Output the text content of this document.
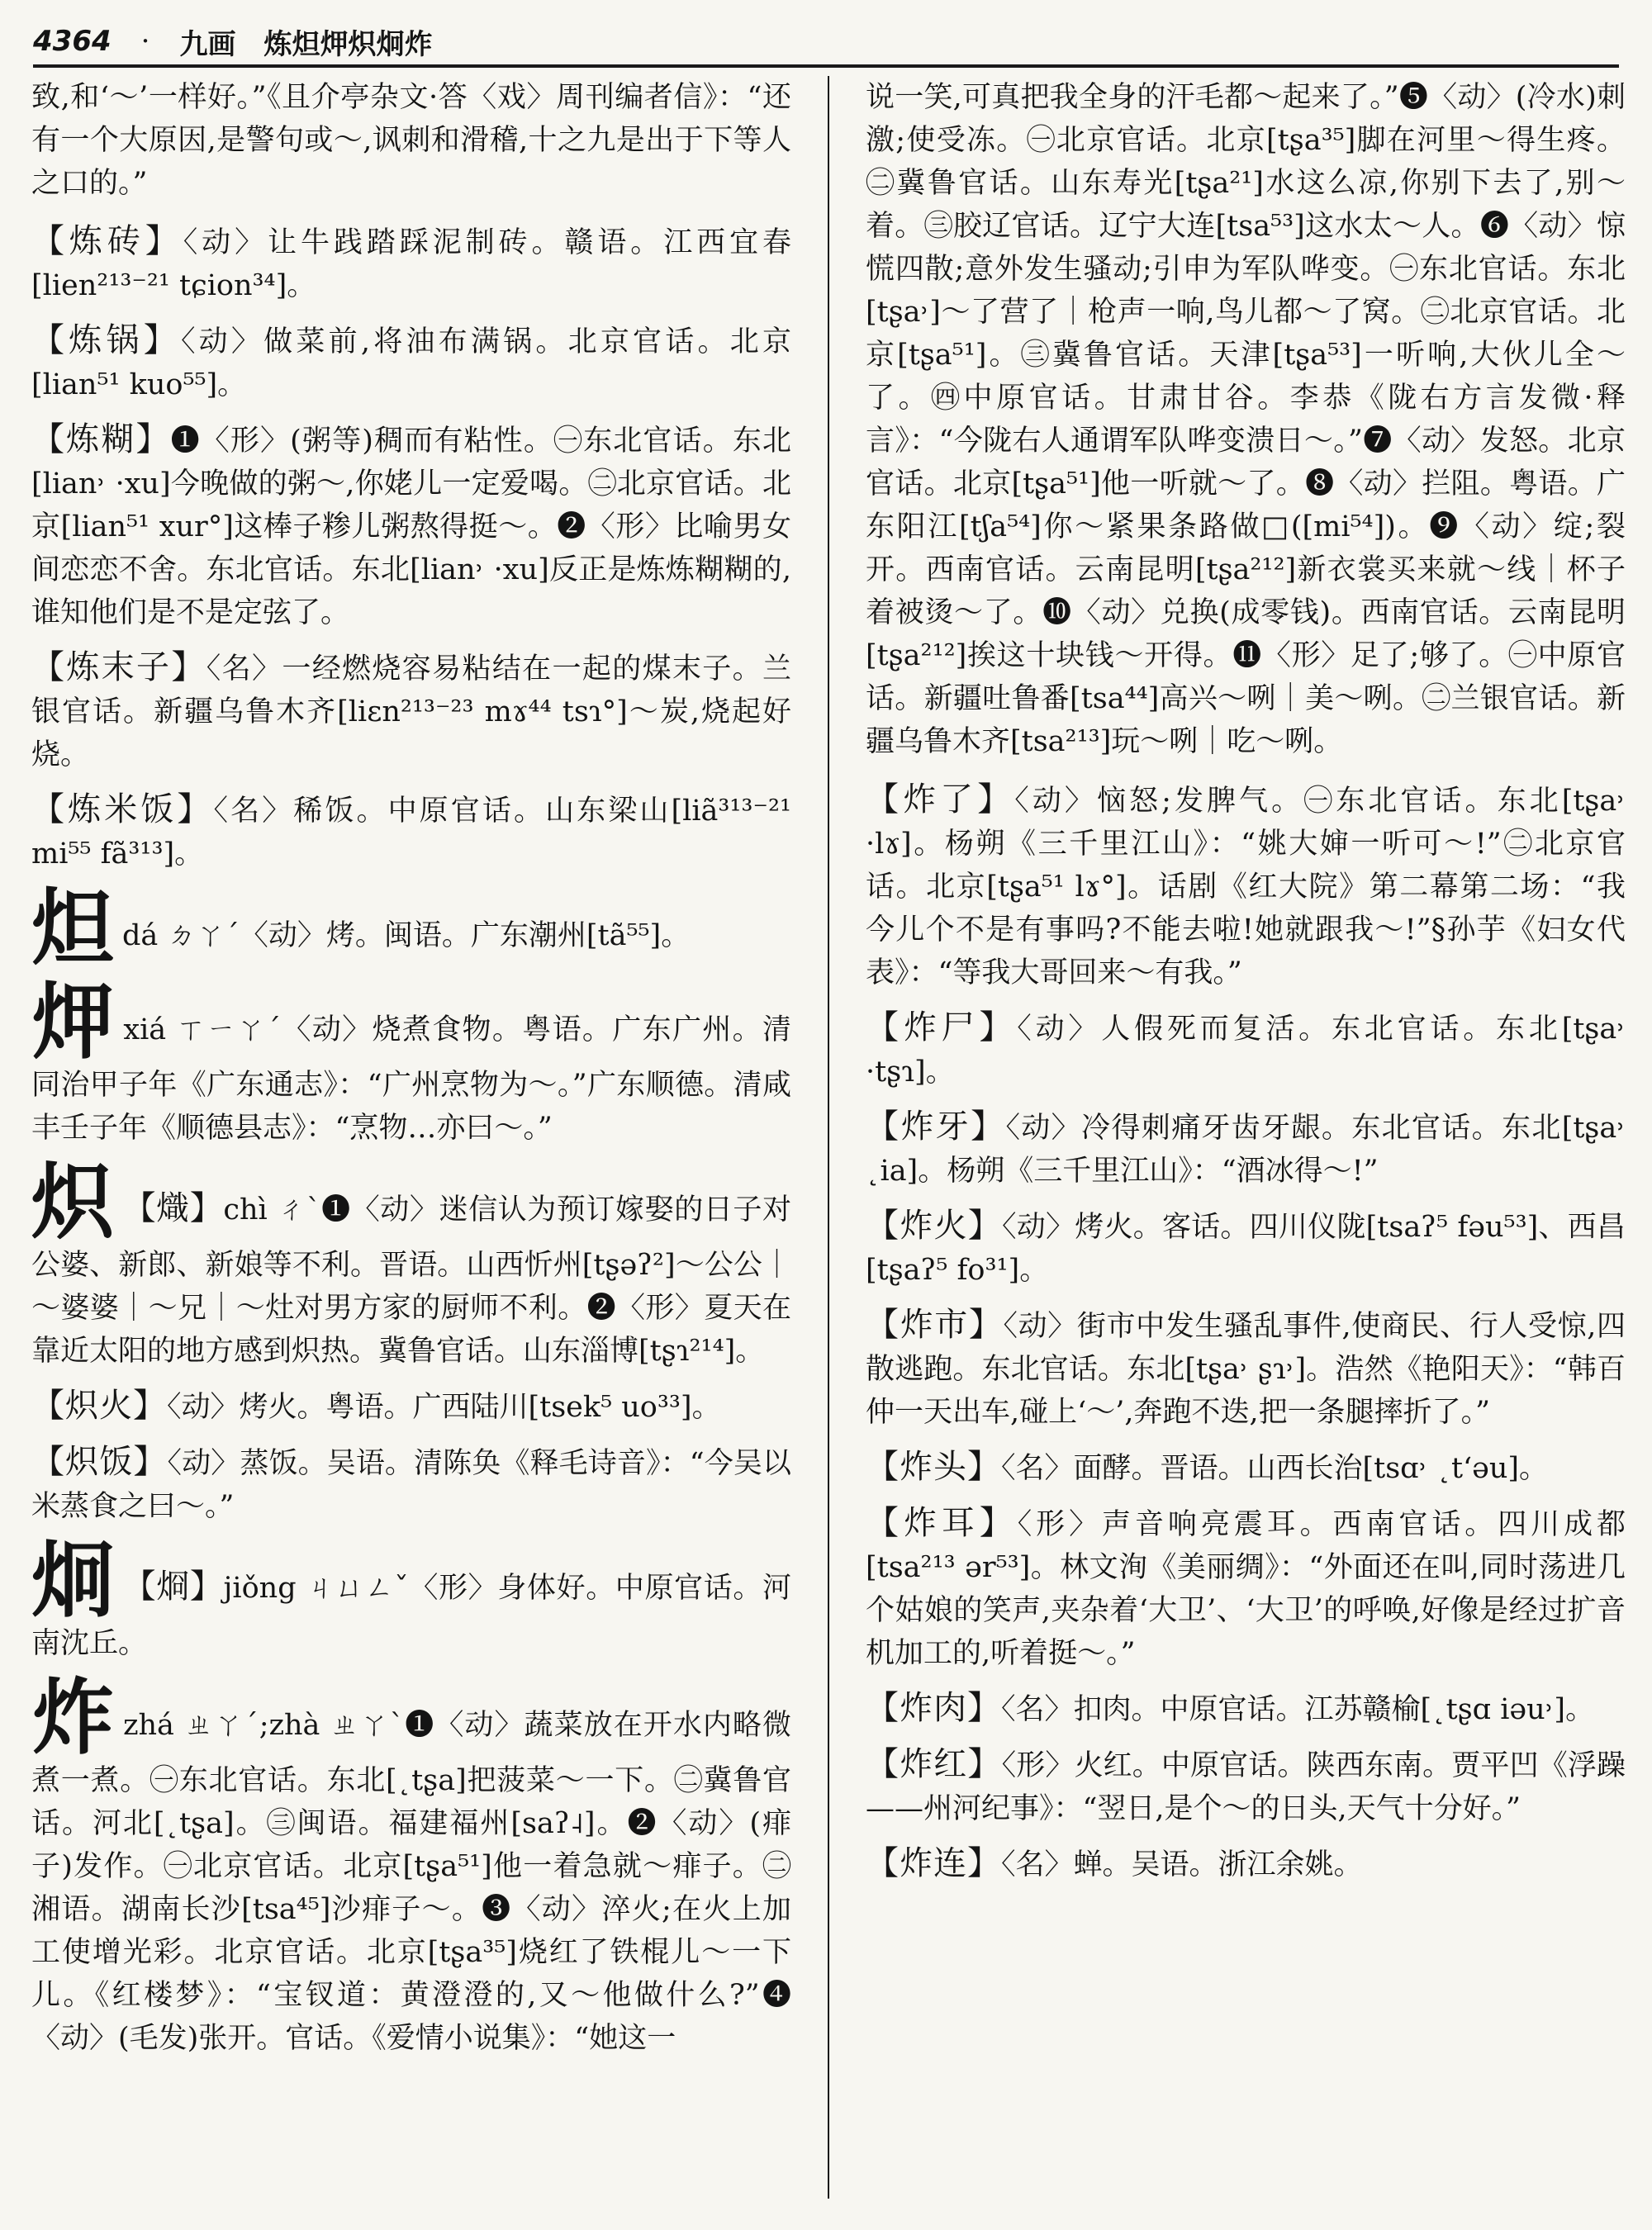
4364 · 九画　炼炟炠炽炯炸

致,和‘～’一样好。”《且介亭杂文·答〈戏〉周刊编者信》：“还有一个大原因,是警句或～,讽刺和滑稽,十之九是出于下等人之口的。”

【炼砖】〈动〉让牛践踏踩泥制砖。赣语。江西宜春[lien²¹³⁻²¹ tɕion³⁴]。

【炼锅】〈动〉做菜前,将油布满锅。北京官话。北京[lian⁵¹ kuo⁵⁵]。

【炼糊】❶〈形〉(粥等)稠而有粘性。㊀东北官话。东北[lian˒ ·xu]今晚做的粥～,你姥儿一定爱喝。㊁北京官话。北京[lian⁵¹ xur°]这棒子糁儿粥熬得挺～。❷〈形〉比喻男女间恋恋不舍。东北官话。东北[lian˒ ·xu]反正是炼炼糊糊的,谁知他们是不是定弦了。

【炼末子】〈名〉一经燃烧容易粘结在一起的煤末子。兰银官话。新疆乌鲁木齐[liɛn²¹³⁻²³ mɤ⁴⁴ tsɿ°]～炭,烧起好烧。

【炼米饭】〈名〉稀饭。中原官话。山东梁山[liã³¹³⁻²¹ mi⁵⁵ fã³¹³]。

炟dá ㄉㄚˊ〈动〉烤。闽语。广东潮州[tã⁵⁵]。

炠xiá ㄒㄧㄚˊ〈动〉烧煮食物。粤语。广东广州。清同治甲子年《广东通志》：“广州烹物为～。”广东顺德。清咸丰壬子年《顺德县志》：“烹物…亦曰～。”

炽 【熾】chì ㄔˋ❶〈动〉迷信认为预订嫁娶的日子对公婆、新郎、新娘等不利。晋语。山西忻州[tʂəʔ²]～公公｜～婆婆｜～兄｜～灶对男方家的厨师不利。❷〈形〉夏天在靠近太阳的地方感到炽热。冀鲁官话。山东淄博[tʂɿ²¹⁴]。

【炽火】〈动〉烤火。粤语。广西陆川[tsek⁵ uo³³]。

【炽饭】〈动〉蒸饭。吴语。清陈奂《释毛诗音》：“今吴以米蒸食之曰～。”

炯 【烱】jiǒng ㄐㄩㄥˇ〈形〉身体好。中原官话。河南沈丘。

炸zhá ㄓㄚˊ;zhà ㄓㄚˋ❶〈动〉蔬菜放在开水内略微煮一煮。㊀东北官话。东北[˛tʂa]把菠菜～一下。㊁冀鲁官话。河北[˛tʂa]。㊂闽语。福建福州[saʔ˨]。❷〈动〉(痱子)发作。㊀北京官话。北京[tʂa⁵¹]他一着急就～痱子。㊁湘语。湖南长沙[tsa⁴⁵]沙痱子～。❸〈动〉淬火;在火上加工使增光彩。北京官话。北京[tʂa³⁵]烧红了铁棍儿～一下儿。《红楼梦》：“宝钗道：黄澄澄的,又～他做什么?”❹〈动〉(毛发)张开。官话。《爱情小说集》：“她这一

说一笑,可真把我全身的汗毛都～起来了。”❺〈动〉(冷水)刺激;使受冻。㊀北京官话。北京[tʂa³⁵]脚在河里～得生疼。㊁冀鲁官话。山东寿光[tʂa²¹]水这么凉,你别下去了,别～着。㊂胶辽官话。辽宁大连[tsa⁵³]这水太～人。❻〈动〉惊慌四散;意外发生骚动;引申为军队哗变。㊀东北官话。东北[tʂa˒]～了营了｜枪声一响,鸟儿都～了窝。㊁北京官话。北京[tʂa⁵¹]。㊂冀鲁官话。天津[tʂa⁵³]一听响,大伙儿全～了。㊃中原官话。甘肃甘谷。李恭《陇右方言发微·释言》：“今陇右人通谓军队哗变溃日～。”❼〈动〉发怒。北京官话。北京[tʂa⁵¹]他一听就～了。❽〈动〉拦阻。粤语。广东阳江[tʃa⁵⁴]你～紧果条路做□([mi⁵⁴])。❾〈动〉绽;裂开。西南官话。云南昆明[tʂa²¹²]新衣裳买来就～线｜杯子着被烫～了。❿〈动〉兑换(成零钱)。西南官话。云南昆明[tʂa²¹²]挨这十块钱～开得。⓫〈形〉足了;够了。㊀中原官话。新疆吐鲁番[tsa⁴⁴]高兴～咧｜美～咧。㊁兰银官话。新疆乌鲁木齐[tsa²¹³]玩～咧｜吃～咧。

【炸了】〈动〉恼怒;发脾气。㊀东北官话。东北[tʂa˒ ·lɤ]。杨朔《三千里江山》：“姚大婶一听可～!”㊁北京官话。北京[tʂa⁵¹ lɤ°]。话剧《红大院》第二幕第二场：“我今儿个不是有事吗?不能去啦!她就跟我～!”§孙芋《妇女代表》：“等我大哥回来～有我。”

【炸尸】〈动〉人假死而复活。东北官话。东北[tʂa˒ ·tʂɿ]。

【炸牙】〈动〉冷得刺痛牙齿牙龈。东北官话。东北[tʂa˒ ˛ia]。杨朔《三千里江山》：“酒冰得～!”

【炸火】〈动〉烤火。客话。四川仪陇[tsaʔ⁵ fəu⁵³]、西昌[tʂaʔ⁵ fo³¹]。

【炸市】〈动〉街市中发生骚乱事件,使商民、行人受惊,四散逃跑。东北官话。东北[tʂa˒ ʂɿ˒]。浩然《艳阳天》：“韩百仲一天出车,碰上‘～’,奔跑不迭,把一条腿摔折了。”

【炸头】〈名〉面酵。晋语。山西长治[tsɑ˒ ˛tʻəu]。

【炸耳】〈形〉声音响亮震耳。西南官话。四川成都[tsa²¹³ ər⁵³]。林文洵《美丽绸》：“外面还在叫,同时荡进几个姑娘的笑声,夹杂着‘大卫’、‘大卫’的呼唤,好像是经过扩音机加工的,听着挺～。”

【炸肉】〈名〉扣肉。中原官话。江苏赣榆[˛tʂɑ iəu˒]。

【炸红】〈形〉火红。中原官话。陕西东南。贾平凹《浮躁——州河纪事》：“翌日,是个～的日头,天气十分好。”

【炸连】〈名〉蝉。吴语。浙江余姚。
